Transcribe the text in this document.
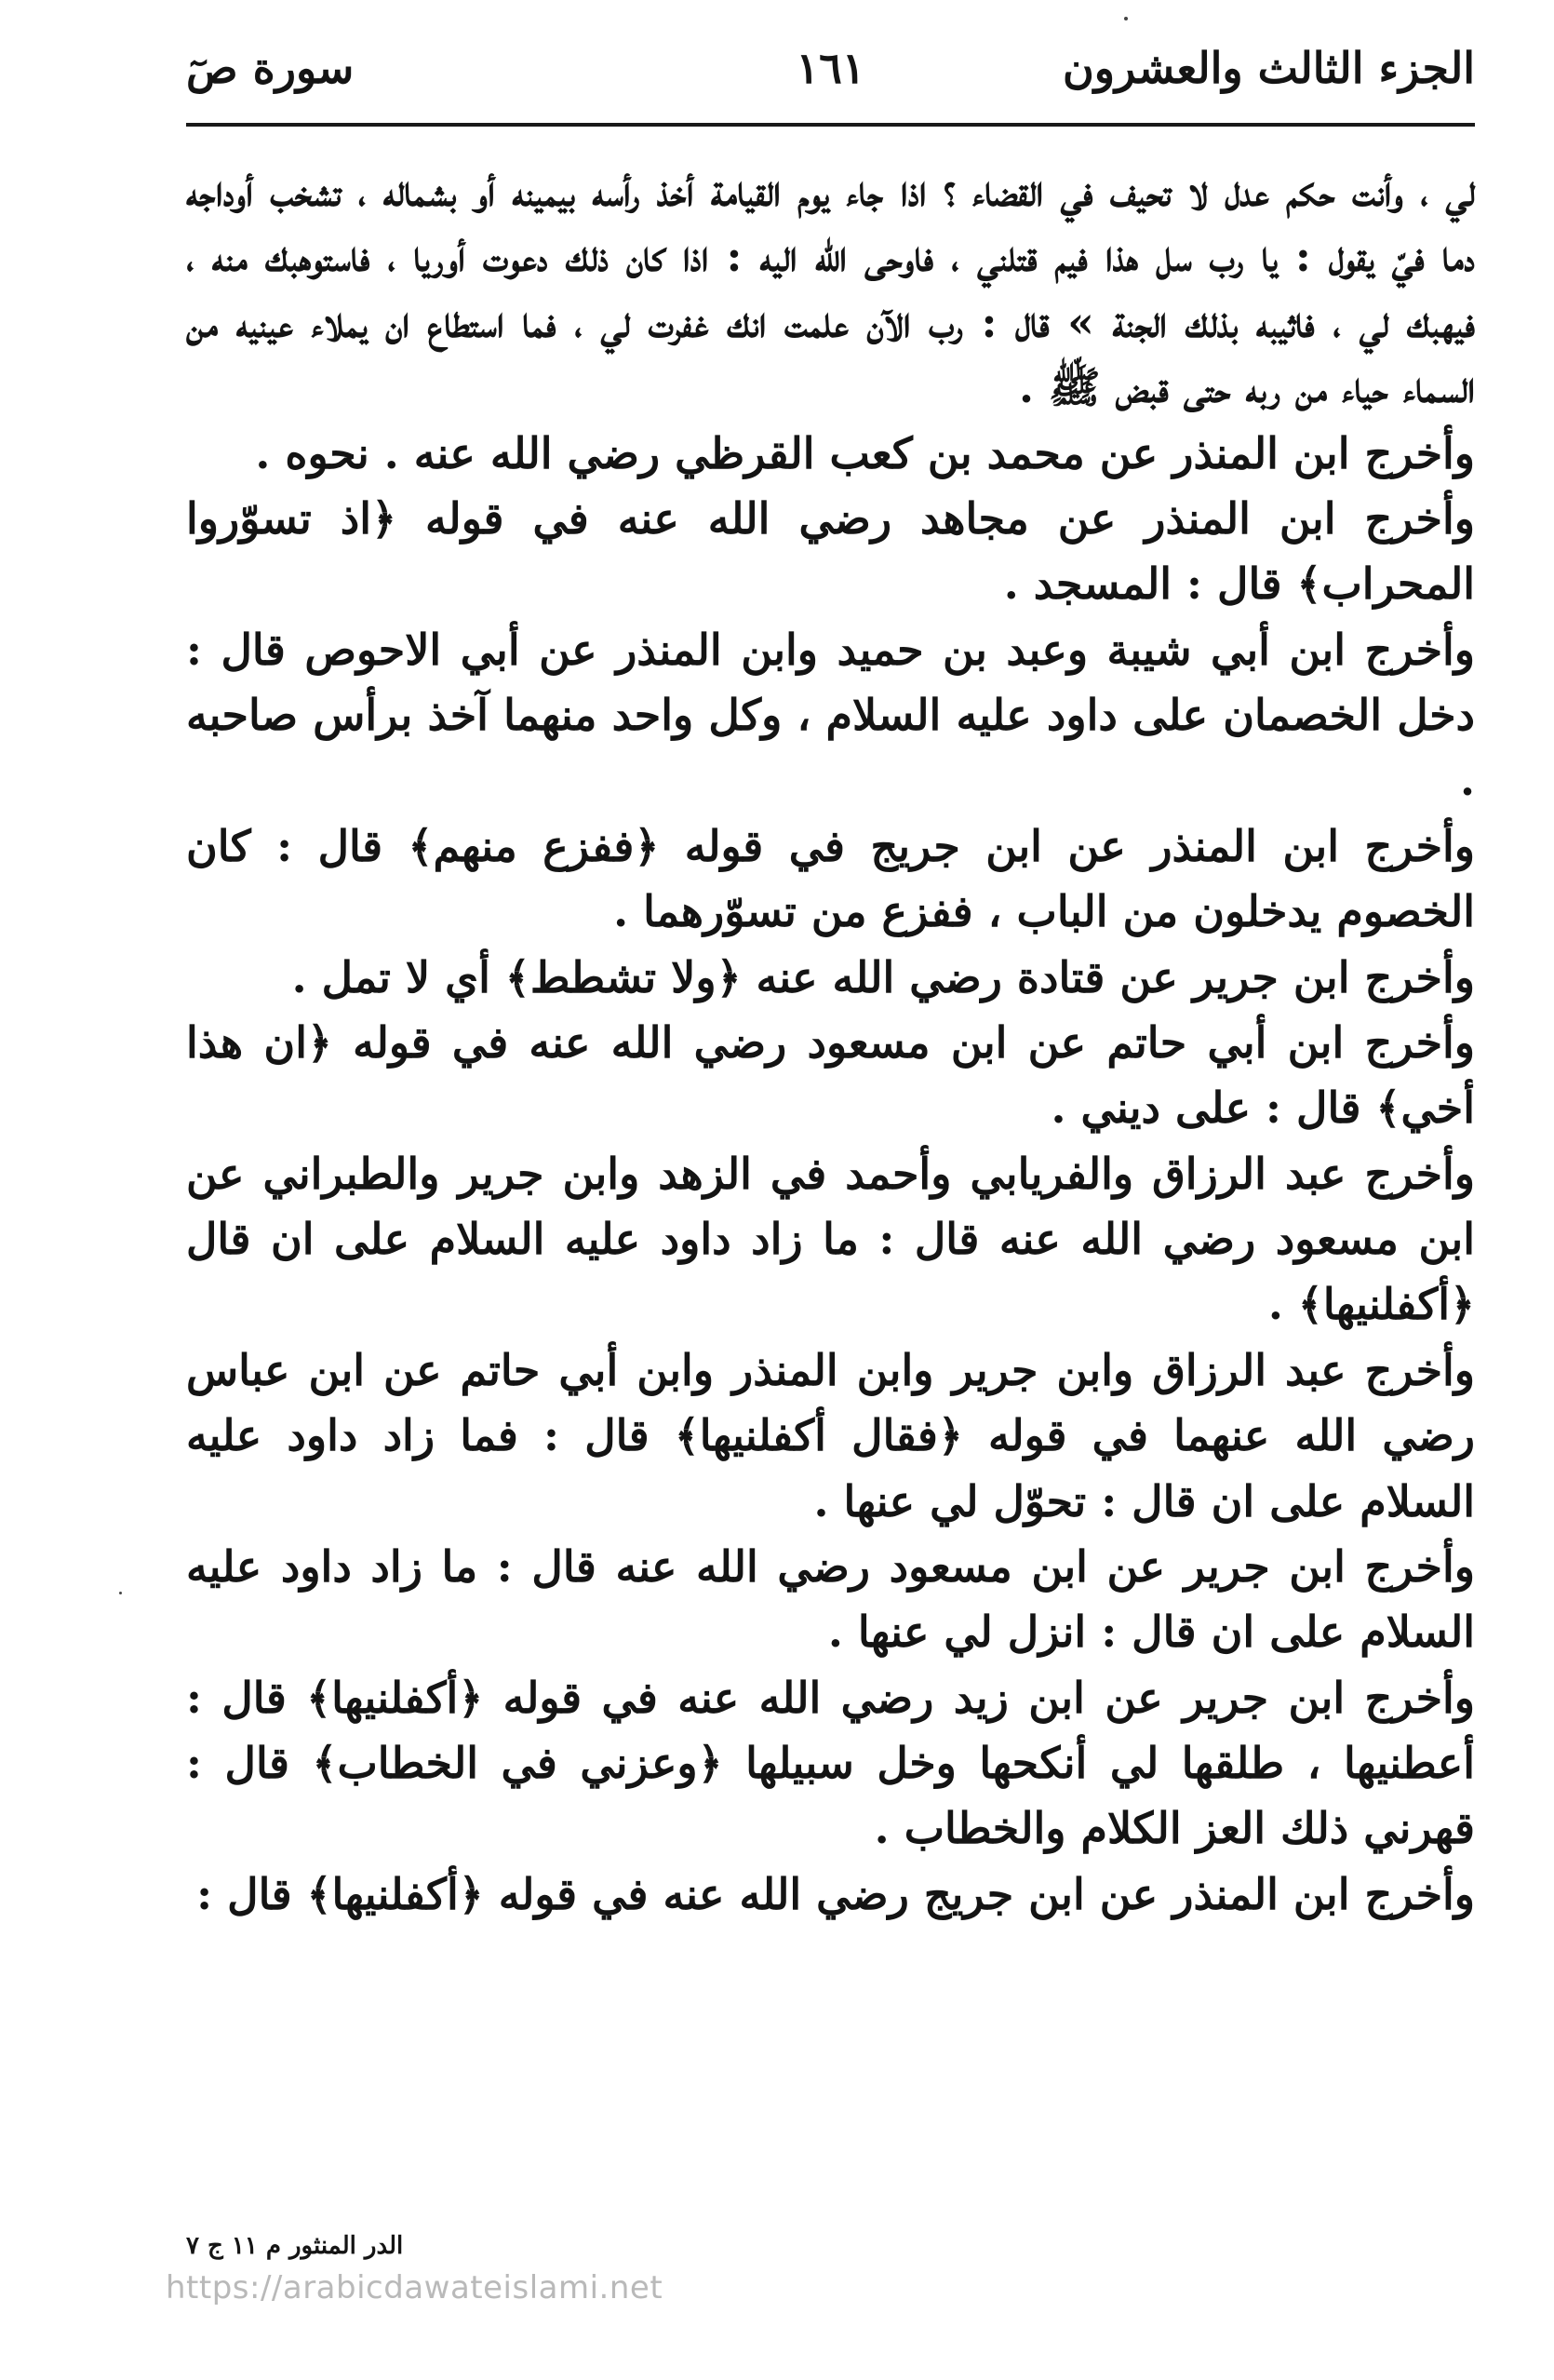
الجزء الثالث والعشرون
١٦١
سورة صٓ

لي ، وأنت حكم عدل لا تحيف في القضاء ؟ اذا جاء يوم القيامة أخذ رأسه بيمينه أو بشماله ، تشخب أوداجه دما فيّ يقول : يا رب سل هذا فيم قتلني ، فاوحى الله اليه : اذا كان ذلك دعوت أوريا ، فاستوهبك منه ، فيهبك لي ، فاثيبه بذلك الجنة » قال : رب الآن علمت انك غفرت لي ، فما استطاع ان يملاء عينيه من السماء حياء من ربه حتى قبض ﷺ .

وأخرج ابن المنذر عن محمد بن كعب القرظي رضي الله عنه . نحوه .

وأخرج ابن المنذر عن مجاهد رضي الله عنه في قوله ﴿اذ تسوّروا المحراب﴾ قال : المسجد .

وأخرج ابن أبي شيبة وعبد بن حميد وابن المنذر عن أبي الاحوص قال : دخل الخصمان على داود عليه السلام ، وكل واحد منهما آخذ برأس صاحبه .

وأخرج ابن المنذر عن ابن جريج في قوله ﴿ففزع منهم﴾ قال : كان الخصوم يدخلون من الباب ، ففزع من تسوّرهما .

وأخرج ابن جرير عن قتادة رضي الله عنه ﴿ولا تشطط﴾ أي لا تمل .

وأخرج ابن أبي حاتم عن ابن مسعود رضي الله عنه في قوله ﴿ان هذا أخي﴾ قال : على ديني .

وأخرج عبد الرزاق والفريابي وأحمد في الزهد وابن جرير والطبراني عن ابن مسعود رضي الله عنه قال : ما زاد داود عليه السلام على ان قال ﴿أكفلنيها﴾ .

وأخرج عبد الرزاق وابن جرير وابن المنذر وابن أبي حاتم عن ابن عباس رضي الله عنهما في قوله ﴿فقال أكفلنيها﴾ قال : فما زاد داود عليه السلام على ان قال : تحوّل لي عنها .

وأخرج ابن جرير عن ابن مسعود رضي الله عنه قال : ما زاد داود عليه السلام على ان قال : انزل لي عنها .

وأخرج ابن جرير عن ابن زيد رضي الله عنه في قوله ﴿أكفلنيها﴾ قال : أعطنيها ، طلقها لي أنكحها وخل سبيلها ﴿وعزني في الخطاب﴾ قال : قهرني ذلك العز الكلام والخطاب .

وأخرج ابن المنذر عن ابن جريج رضي الله عنه في قوله ﴿أكفلنيها﴾ قال :

الدر المنثور م ١١ ج ٧
https://arabicdawateislami.net
